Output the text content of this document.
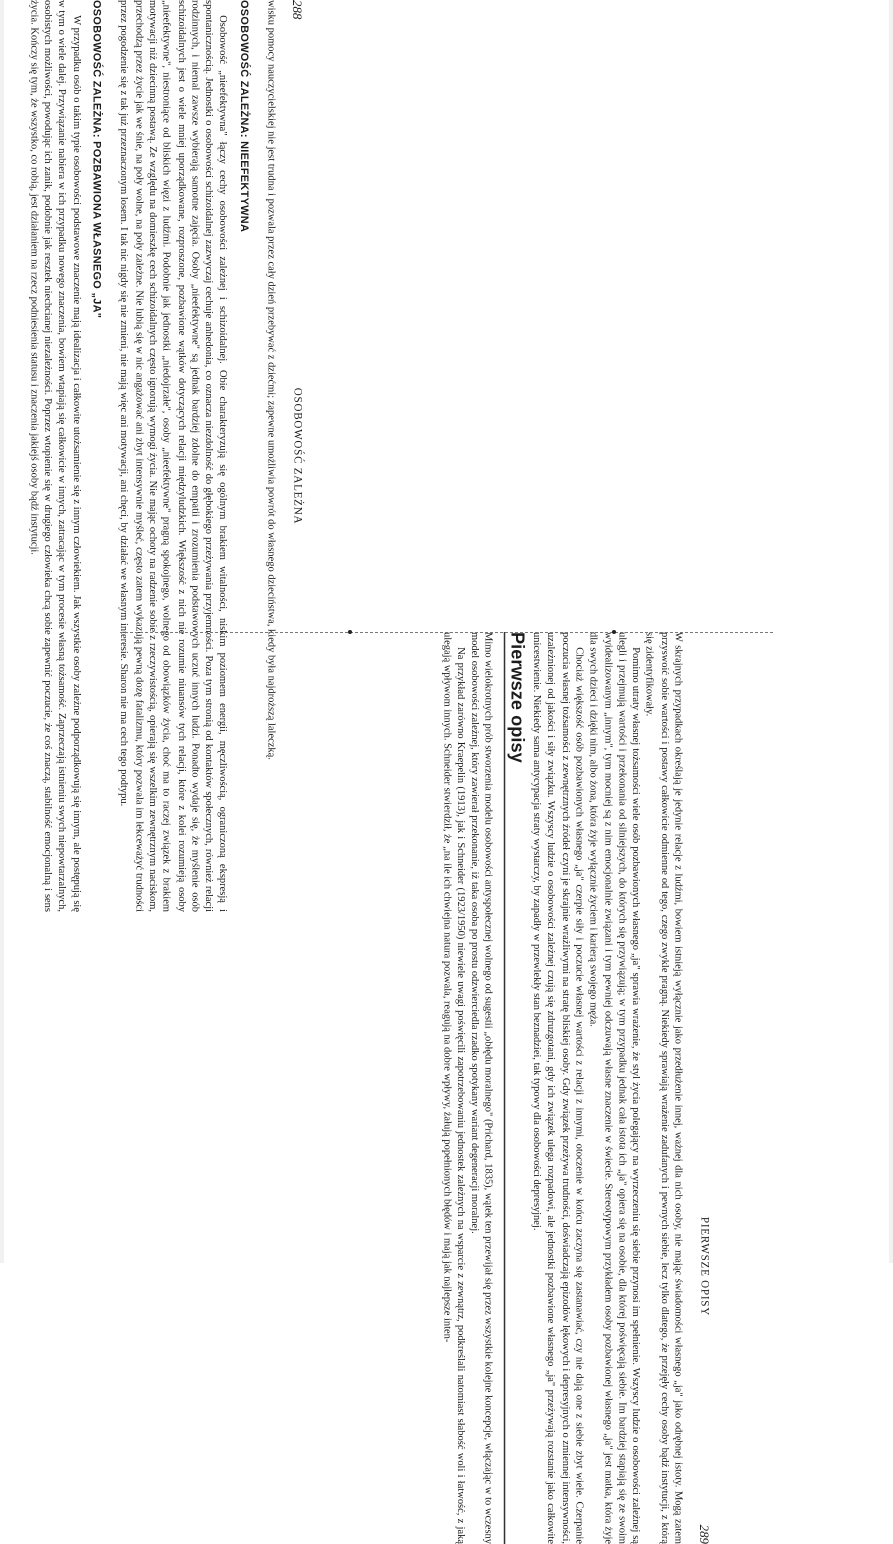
288
OSOBOWOŚĆ ZALEŻNA

wisku pomocy nauczycielskiej nie jest trudna i pozwala przez cały dzień przebywać z dziećmi; zapewne umożliwia powrót do własnego dzieciństwa, kiedy była najdroższą laleczką.

OSOBOWOŚĆ ZALEŻNA: NIEEFEKTYWNA

Osobowość „nieefektywna" łączy cechy osobowości zależnej i schizoidalnej. Obie charakteryzują się ogólnym brakiem witalności, niskim poziomem energii, męczliwością, ograniczoną ekspresją i spontanicznością. Jednostki o osobowości schizoidalnej zazwyczaj cechuje anhedonia, co oznacza niezdolność do głębokiego przeżywania przyjemności. Poza tym stronią od kontaktów społecznych, również relacji rodzinnych, i niemal zawsze wybierają samotne zajęcia. Osoby „nieefektywne" są jednak bardziej zdolne do empatii i zrozumienia podstawowych uczuć innych ludzi. Ponadto wydaje się, że myślenie osób schizoidalnych jest o wiele mniej uporządkowane, rozproszone, pozbawione wątków dotyczących relacji międzyludzkich. Większość z nich nie rozumie niuansów tych relacji, które z kolei rozumieją osoby „nieefektywne", niestroniące od bliskich więzi z ludźmi. Podobnie jak jednostki „niedojrzałe", osoby „nieefektywne" pragną spokojnego, wolnego od obowiązków życia, choć ma to raczej związek z brakiem motywacji niż dziecinną postawą. Ze względu na domieszkę cech schizoidalnych często ignorują wymogi życia. Nie mając ochoty na radzenie sobie z rzeczywistością, opierają się wszelkim zewnętrznym naciskom, przechodzą przez życie jak we śnie, na poły wolne, na poły zależne. Nie lubią się w nic angażować ani zbyt intensywnie myśleć, często zatem wykazują pewną dozę fatalizmu, który pozwala im lekceważyć trudności przez pogodzenie się z tak już przeznaczonym losem. I tak nic nigdy się nie zmieni, nie mają więc ani motywacji, ani chęci, by działać we własnym interesie. Sharon nie ma cech tego podtypu.

OSOBOWOŚĆ ZALEŻNA: POZBAWIONA WŁASNEGO „JA"

W przypadku osób o takim typie osobowości podstawowe znaczenie mają idealizacja i całkowite utożsamienie się z innym człowiekiem. Jak wszystkie osoby zależne podporządkowują się innym, ale postępują się w tym o wiele dalej. Przywiązanie nabiera w ich przypadku nowego znaczenia, bowiem wtapiają się całkowicie w innych, zatracając w tym procesie własną tożsamość. Zaprzeczają istnieniu swych niepowtarzalnych, osobistych możliwości, powodując ich zanik, podobnie jak resztek niechcianej niezależności. Poprzez wtopienie się w drugiego człowieka chcą sobie zapewnić poczucie, że coś znaczą, stabilność emocjonalną i sens życia. Kończy się tym, że wszystko, co robią, jest działaniem na rzecz podniesienia statusu i znaczenia jakiejś osoby bądź instytucji.

PIERWSZE OPISY
289

W skrajnych przypadkach określają je jedynie relacje z ludźmi, bowiem istnieją wyłącznie jako przedłużenie innej, ważnej dla nich osoby, nie mając świadomości własnego „ja" jako odrębnej istoty. Mogą zatem przyswoić sobie wartości i postawy całkowicie odmienne od tego, czego zwykle pragną. Niekiedy sprawiają wrażenie zadufanych i pewnych siebie, lecz tylko dlatego, że przejęły cechy osoby bądź instytucji, z którą się zidentyfikowały.

Pomimo utraty własnej tożsamości wiele osób pozbawionych własnego „ja" sprawia wrażenie, że styl życia polegający na wyrzeczeniu się siebie przynosi im spełnienie. Wszyscy ludzie o osobowości zależnej są ulegli i przejmują wartości i przekonania od silniejszych, do których się przywiązują; w tym przypadku jednak cała istota ich „ja" opiera się na osobie, dla której poświęcają siebie. Im bardziej stapiają się ze swoim wyidealizowanym „innym", tym mocniej są z nim emocjonalnie związani i tym pewniej odczuwają własne znaczenie w świecie. Stereotypowym przykładem osoby pozbawionej własnego „ja" jest matka, która żyje dla swych dzieci i dzięki nim, albo żona, która żyje wyłącznie życiem i karierą swojego męża.

Chociaż większość osób pozbawionych własnego „ja" czerpie siły i poczucie własnej wartości z relacji z innymi, otoczenie w końcu zaczyna się zastanawiać, czy nie dają one z siebie zbyt wiele. Czerpanie poczucia własnej tożsamości z zewnętrznych źródeł czyni je skrajnie wrażliwymi na stratę bliskiej osoby. Gdy związek przeżywa trudności, doświadczają epizodów lękowych i depresyjnych o zmiennej intensywności, uzależnionej od jakości i siły związku. Wszyscy ludzie o osobowości zależnej czują się zdruzgotani, gdy ich związek ulega rozpadowi, ale jednostki pozbawione własnego „ja" przeżywają rozstanie jako całkowite unicestwienie. Niekiedy sama antycypacja straty wystarczy, by zapadły w przewlekły stan beznadziei, tak typowy dla osobowości depresyjnej.

Pierwsze opisy

Mimo wielokrotnych prób stworzenia modelu osobowości antyspołecznej wolnego od sugestii „obłędu moralnego" (Prichard, 1835), wątek ten przewijał się przez wszystkie kolejne koncepcje, włączając w to wczesny model osobowości zależnej, który zawierał przekonanie, iż taka osoba po prostu odzwierciedla rzadko spotykany wariant degeneracji moralnej.

Na przykład zarówno Kraepelin (1913), jak i Schneider (1923/1950) niewiele uwagi poświęcili zapotrzebowaniu jednostek zależnych na wsparcie z zewnątrz, podkreślali natomiast słabość woli i łatwość, z jaką ulegają wpływom innych. Schneider stwierdził, że „na ile ich chwiejna natura pozwala, reagują na dobre wpływy, żałują popełnionych błędów i mają jak najlepsze inten-
